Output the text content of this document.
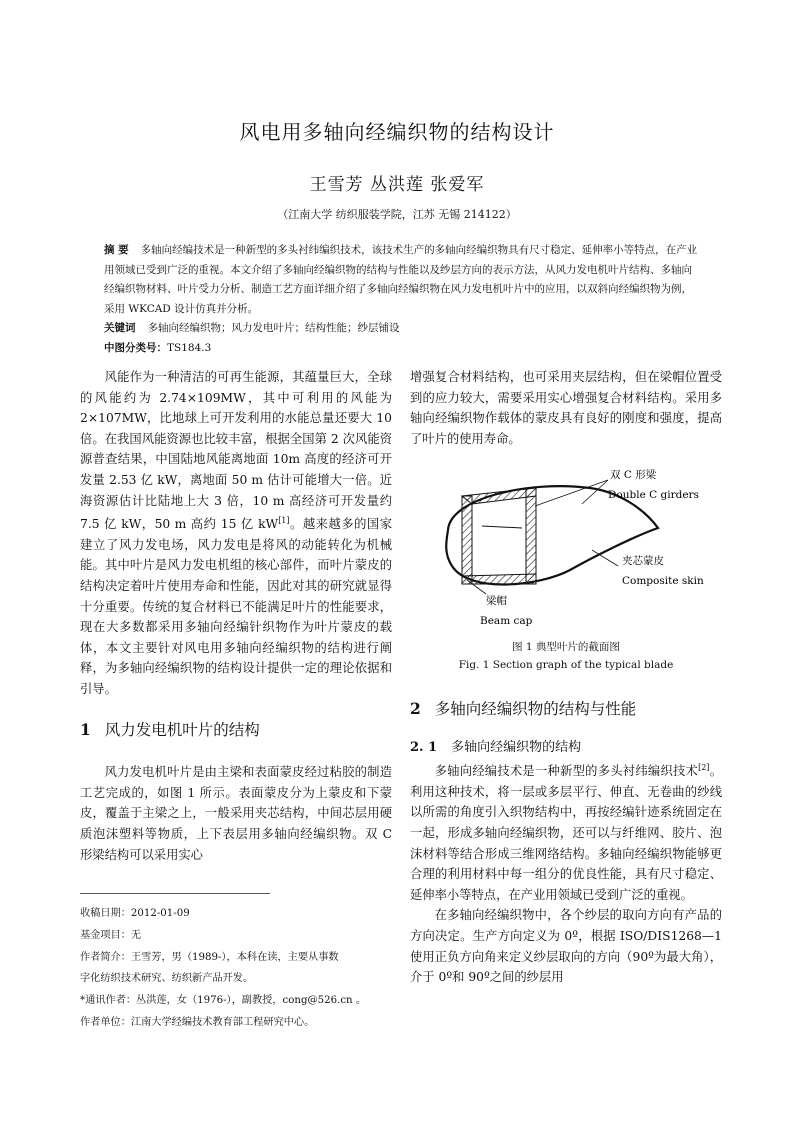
风电用多轴向经编织物的结构设计
王雪芳 丛洪莲 张爱军
（江南大学 纺织服装学院，江苏 无锡 214122）

摘 要 多轴向经编技术是一种新型的多头衬纬编织技术，该技术生产的多轴向经编织物具有尺寸稳定、延伸率小等特点，在产业用领域已受到广泛的重视。本文介绍了多轴向经编织物的结构与性能以及纱层方向的表示方法，从风力发电机叶片结构、多轴向经编织物材料、叶片受力分析、制造工艺方面详细介绍了多轴向经编织物在风力发电机叶片中的应用，以双斜向经编织物为例，采用 WKCAD 设计仿真并分析。

关键词 多轴向经编织物；风力发电叶片；结构性能；纱层铺设

中图分类号：TS184.3

风能作为一种清洁的可再生能源，其蕴量巨大，全球的风能约为 2.74×109MW，其中可利用的风能为 2×107MW，比地球上可开发利用的水能总量还要大 10 倍。在我国风能资源也比较丰富，根据全国第 2 次风能资源普查结果，中国陆地风能离地面 10m 高度的经济可开发量 2.53 亿 kW，离地面 50 m 估计可能增大一倍。近海资源估计比陆地上大 3 倍，10 m 高经济可开发量约 7.5 亿 kW，50 m 高约 15 亿 kW[1]。越来越多的国家建立了风力发电场，风力发电是将风的动能转化为机械能。其中叶片是风力发电机组的核心部件，而叶片蒙皮的结构决定着叶片使用寿命和性能，因此对其的研究就显得十分重要。传统的复合材料已不能满足叶片的性能要求，现在大多数都采用多轴向经编针织物作为叶片蒙皮的载体，本文主要针对风电用多轴向经编织物的结构进行阐释，为多轴向经编织物的结构设计提供一定的理论依据和引导。

1 风力发电机叶片的结构

风力发电机叶片是由主梁和表面蒙皮经过粘胶的制造工艺完成的，如图 1 所示。表面蒙皮分为上蒙皮和下蒙皮，覆盖于主梁之上，一般采用夹芯结构，中间芯层用硬质泡沫塑料等物质，上下表层用多轴向经编织物。双 C 形梁结构可以采用实心

收稿日期：2012-01-09
基金项目：无
作者简介：王雪芳，男（1989-），本科在读，主要从事数
字化纺织技术研究、纺织新产品开发。
*通讯作者：丛洪莲，女（1976-），副教授，cong@526.cn 。
作者单位：江南大学经编技术教育部工程研究中心。

增强复合材料结构，也可采用夹层结构，但在梁帽位置受到的应力较大，需要采用实心增强复合材料结构。采用多轴向经编织物作载体的蒙皮具有良好的刚度和强度，提高了叶片的使用寿命。

双 C 形梁
Double C girders
夹芯蒙皮
Composite skin
梁帽
Beam cap
图 1 典型叶片的截面图
Fig. 1 Section graph of the typical blade
2 多轴向经编织物的结构与性能
2. 1 多轴向经编织物的结构

多轴向经编技术是一种新型的多头衬纬编织技术[2]。利用这种技术，将一层或多层平行、伸直、无卷曲的纱线以所需的角度引入织物结构中，再按经编针迹系统固定在一起，形成多轴向经编织物，还可以与纤维网、胶片、泡沫材料等结合形成三维网络结构。多轴向经编织物能够更合理的利用材料中每一组分的优良性能，具有尺寸稳定、延伸率小等特点，在产业用领域已受到广泛的重视。

在多轴向经编织物中，各个纱层的取向方向有产品的方向决定。生产方向定义为 0º，根据 ISO/DIS1268—1 使用正负方向角来定义纱层取向的方向（90º为最大角），介于 0º和 90º之间的纱层用
